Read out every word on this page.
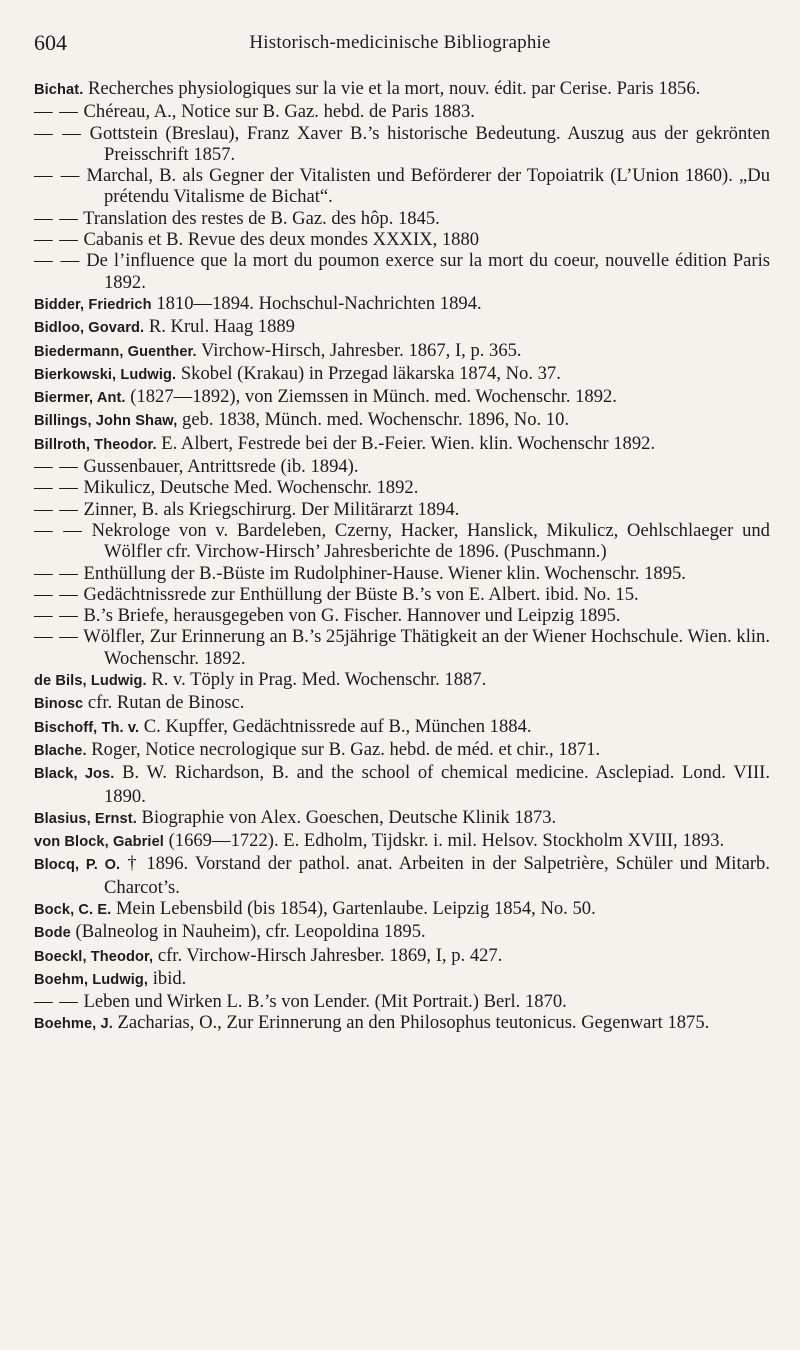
604	Historisch-medicinische Bibliographie

Bichat. Recherches physiologiques sur la vie et la mort, nouv. édit. par Cerise. Paris 1856.

— — Chéreau, A., Notice sur B. Gaz. hebd. de Paris 1883.

— — Gottstein (Breslau), Franz Xaver B.’s historische Bedeutung. Auszug aus der gekrönten Preisschrift 1857.

— — Marchal, B. als Gegner der Vitalisten und Beförderer der Topoiatrik (L’Union 1860). „Du prétendu Vitalisme de Bichat“.

— — Translation des restes de B. Gaz. des hôp. 1845.

— — Cabanis et B. Revue des deux mondes XXXIX, 1880

— — De l’influence que la mort du poumon exerce sur la mort du coeur, nouvelle édition Paris 1892.

Bidder, Friedrich 1810—1894. Hochschul-Nachrichten 1894.

Bidloo, Govard. R. Krul. Haag 1889

Biedermann, Guenther. Virchow-Hirsch, Jahresber. 1867, I, p. 365.

Bierkowski, Ludwig. Skobel (Krakau) in Przegad läkarska 1874, No. 37.

Biermer, Ant. (1827—1892), von Ziemssen in Münch. med. Wochenschr. 1892.

Billings, John Shaw, geb. 1838, Münch. med. Wochenschr. 1896, No. 10.

Billroth, Theodor. E. Albert, Festrede bei der B.-Feier. Wien. klin. Wochenschr 1892.

— — Gussenbauer, Antrittsrede (ib. 1894).

— — Mikulicz, Deutsche Med. Wochenschr. 1892.

— — Zinner, B. als Kriegschirurg. Der Militärarzt 1894.

— — Nekrologe von v. Bardeleben, Czerny, Hacker, Hanslick, Mikulicz, Oehlschlaeger und Wölfler cfr. Virchow-Hirsch’ Jahresberichte de 1896. (Puschmann.)

— — Enthüllung der B.-Büste im Rudolphiner-Hause. Wiener klin. Wochenschr. 1895.

— — Gedächtnissrede zur Enthüllung der Büste B.’s von E. Albert. ibid. No. 15.

— — B.’s Briefe, herausgegeben von G. Fischer. Hannover und Leipzig 1895.

— — Wölfler, Zur Erinnerung an B.’s 25jährige Thätigkeit an der Wiener Hochschule. Wien. klin. Wochenschr. 1892.

de Bils, Ludwig. R. v. Töply in Prag. Med. Wochenschr. 1887.

Binosc cfr. Rutan de Binosc.

Bischoff, Th. v. C. Kupffer, Gedächtnissrede auf B., München 1884.

Blache. Roger, Notice necrologique sur B. Gaz. hebd. de méd. et chir., 1871.

Black, Jos. B. W. Richardson, B. and the school of chemical medicine. Asclepiad. Lond. VIII. 1890.

Blasius, Ernst. Biographie von Alex. Goeschen, Deutsche Klinik 1873.

von Block, Gabriel (1669—1722). E. Edholm, Tijdskr. i. mil. Helsov. Stockholm XVIII, 1893.

Blocq, P. O. † 1896. Vorstand der pathol. anat. Arbeiten in der Salpetrière, Schüler und Mitarb. Charcot’s.

Bock, C. E. Mein Lebensbild (bis 1854), Gartenlaube. Leipzig 1854, No. 50.

Bode (Balneolog in Nauheim), cfr. Leopoldina 1895.

Boeckl, Theodor, cfr. Virchow-Hirsch Jahresber. 1869, I, p. 427.

Boehm, Ludwig, ibid.

— — Leben und Wirken L. B.’s von Lender. (Mit Portrait.) Berl. 1870.

Boehme, J. Zacharias, O., Zur Erinnerung an den Philosophus teutonicus. Gegenwart 1875.
